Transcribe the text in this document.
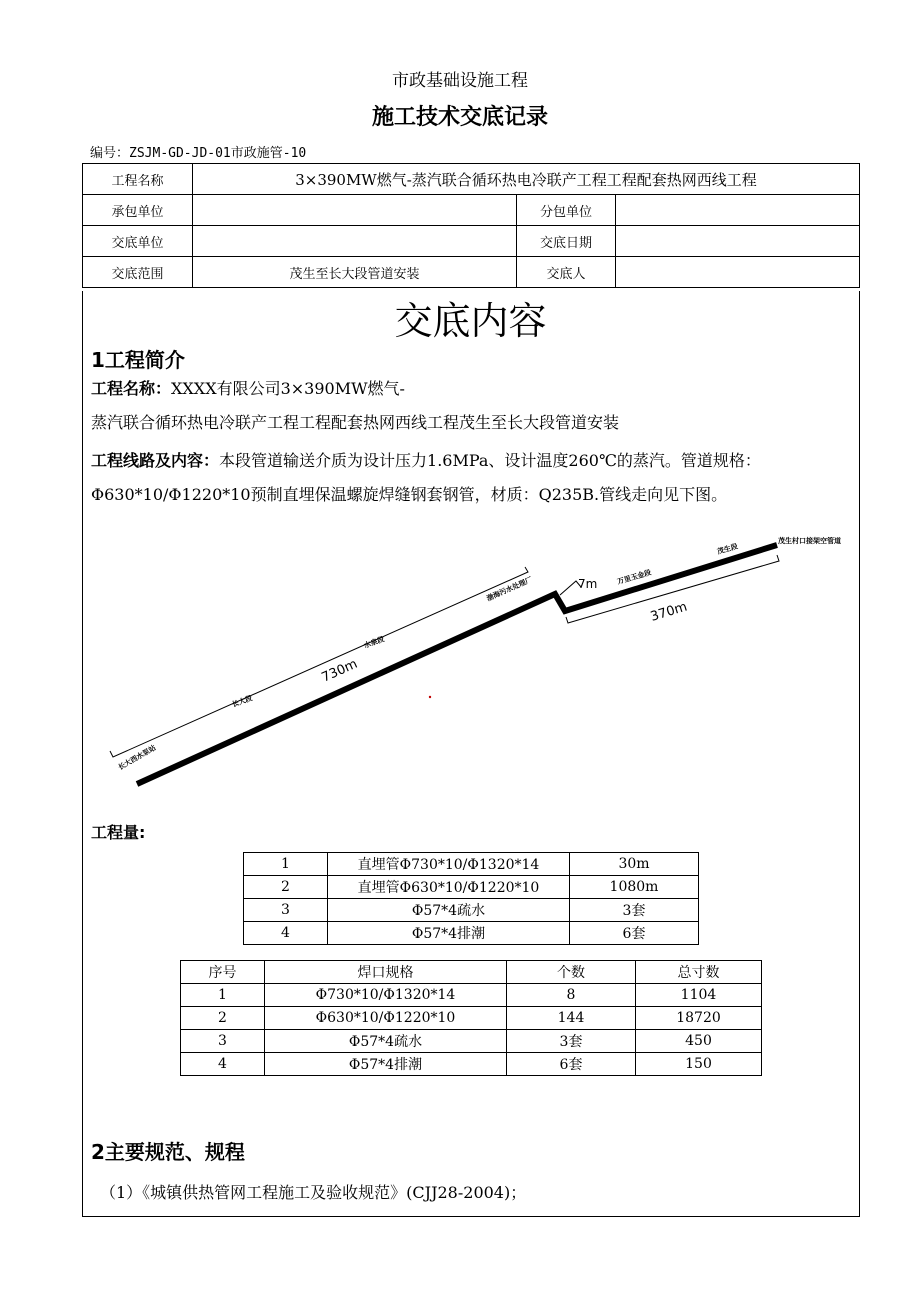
市政基础设施工程
施工技术交底记录
编号：ZSJM-GD-JD-01市政施管-10
工程名称	3×390MW燃气-蒸汽联合循环热电冷联产工程工程配套热网西线工程		
承包单位		分包单位	
交底单位		交底日期	
交底范围	茂生至长大段管道安装	交底人	
交底内容
1工程简介
工程名称：XXXX有限公司3×390MW燃气-
蒸汽联合循环热电冷联产工程工程配套热网西线工程茂生至长大段管道安装
工程线路及内容：本段管道输送介质为设计压力1.6MPa、设计温度260℃的蒸汽。管道规格：
Φ630*10/Φ1220*10预制直埋保温螺旋焊缝钢套钢管，材质：Q235B.管线走向见下图。
长大西水泵站
长大段
水泉段
渤海污水处理厂	万里玉金段
茂生段
茂生村口接架空管道
730m
7m
370m
工程量:
1	直埋管Φ730*10/Φ1320*14	30m
2	直埋管Φ630*10/Φ1220*10	1080m
3	Φ57*4疏水	3套
4	Φ57*4排潮	6套
序号	焊口规格	个数	总寸数
1	Φ730*10/Φ1320*14	8	1104
2	Φ630*10/Φ1220*10	144	18720
3	Φ57*4疏水	3套	450
4	Φ57*4排潮	6套	150
2主要规范、规程
（1）《城镇供热管网工程施工及验收规范》(CJJ28-2004)；
